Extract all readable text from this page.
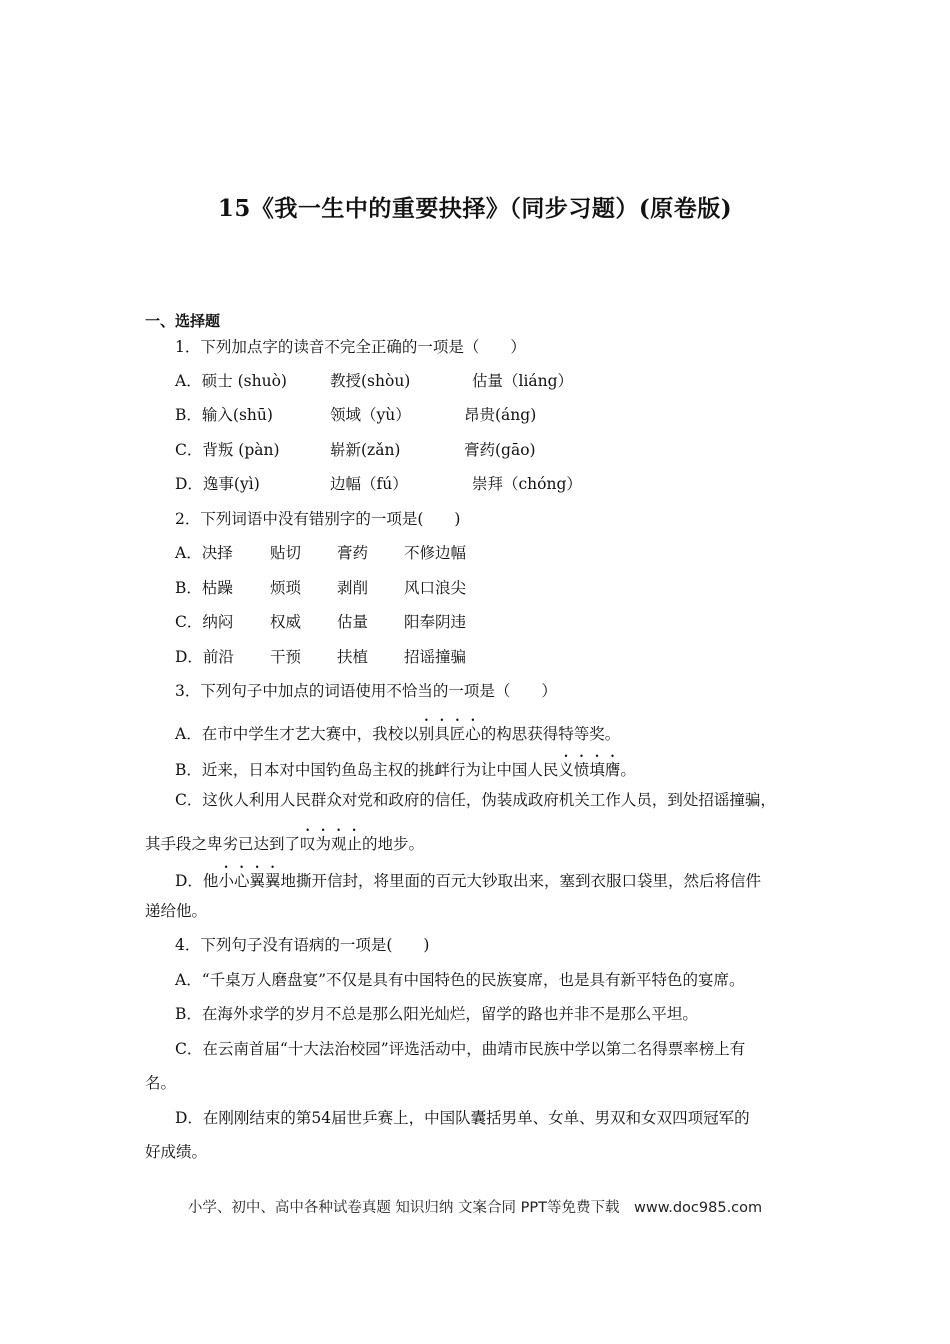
15《我一生中的重要抉择》（同步习题）(原卷版)
一、选择题
1．下列加点字的读音不完全正确的一项是（　　）
A．硕士 (shuò)	教授(shòu)	估量（liáng）
B．输入(shū)	领域（yù）	昂贵(áng)
C．背叛 (pàn)	崭新(zǎn)	膏药(gāo)
D．逸事(yì)	边幅（fú）	崇拜（chóng）
2．下列词语中没有错别字的一项是(　　)
A．决择 贴切 膏药 不修边幅
B．枯躁 烦琐 剥削 风口浪尖
C．纳闷 权威 估量 阳奉阴违
D．前沿 干预 扶植 招谣撞骗
3．下列句子中加点的词语使用不恰当的一项是（　　）
A．在市中学生才艺大赛中，我校以别具匠心的构思获得特等奖。
B．近来，日本对中国钓鱼岛主权的挑衅行为让中国人民义愤填膺。
C．这伙人利用人民群众对党和政府的信任，伪装成政府机关工作人员，到处招谣撞骗，
其手段之卑劣已达到了叹为观止的地步。
D．他小心翼翼地撕开信封，将里面的百元大钞取出来，塞到衣服口袋里，然后将信件
递给他。
4．下列句子没有语病的一项是(　　)
A．“千桌万人磨盘宴”不仅是具有中国特色的民族宴席，也是具有新平特色的宴席。
B．在海外求学的岁月不总是那么阳光灿烂，留学的路也并非不是那么平坦。
C．在云南首届“十大法治校园”评选活动中，曲靖市民族中学以第二名得票率榜上有
名。
D．在刚刚结束的第54届世乒赛上，中国队囊括男单、女单、男双和女双四项冠军的
好成绩。
小学、初中、高中各种试卷真题 知识归纳 文案合同 PPT等免费下载　www.doc985.com
